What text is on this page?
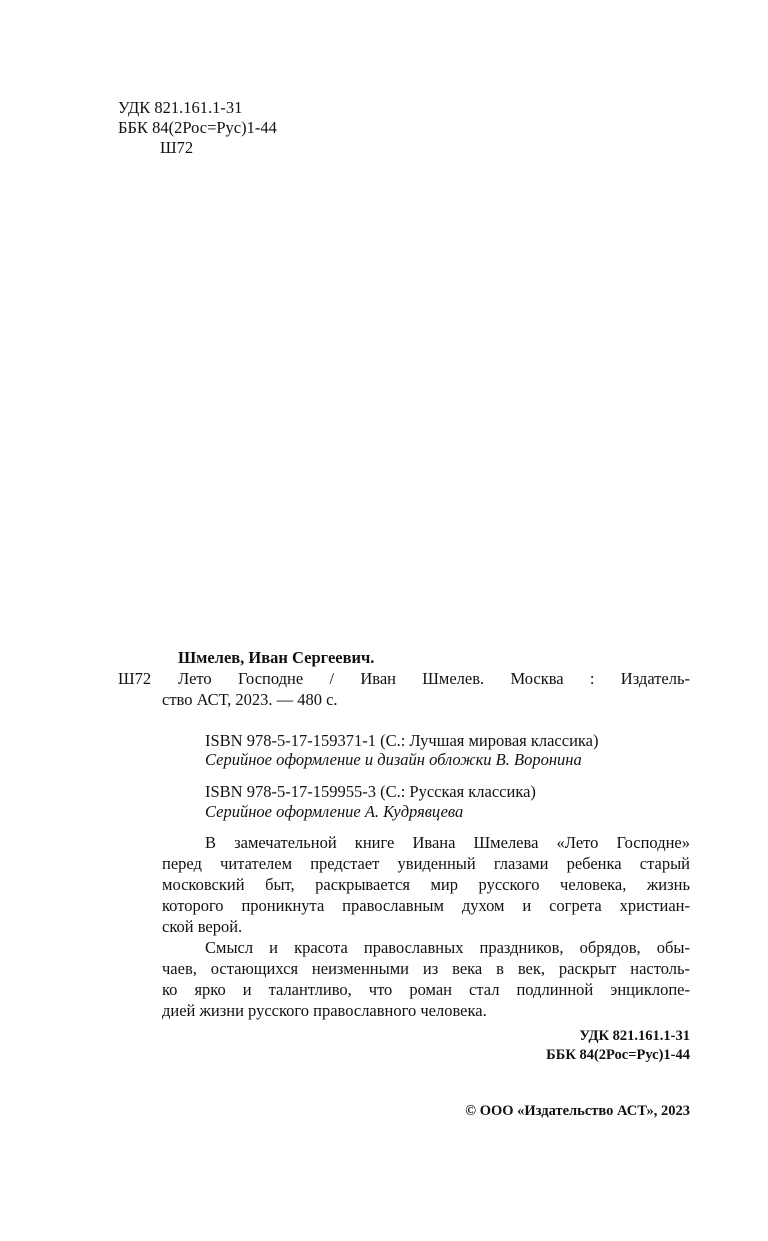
УДК 821.161.1-31
ББК 84(2Рос=Рус)1-44
Ш72
Шмелев, Иван Сергеевич.
Ш72 Лето Господне / Иван Шмелев. Москва : Издатель-
ство АСТ, 2023. — 480 с.
ISBN 978-5-17-159371-1 (С.: Лучшая мировая классика)
Серийное оформление и дизайн обложки В. Воронина
ISBN 978-5-17-159955-3 (С.: Русская классика)
Серийное оформление А. Кудрявцева
В замечательной книге Ивана Шмелева «Лето Господне»
перед читателем предстает увиденный глазами ребенка старый
московский быт, раскрывается мир русского человека, жизнь
которого проникнута православным духом и согрета христиан-
ской верой.
Смысл и красота православных праздников, обрядов, обы-
чаев, остающихся неизменными из века в век, раскрыт настоль-
ко ярко и талантливо, что роман стал подлинной энциклопе-
дией жизни русского православного человека.
УДК 821.161.1-31
ББК 84(2Рос=Рус)1-44
© ООО «Издательство АСТ», 2023
